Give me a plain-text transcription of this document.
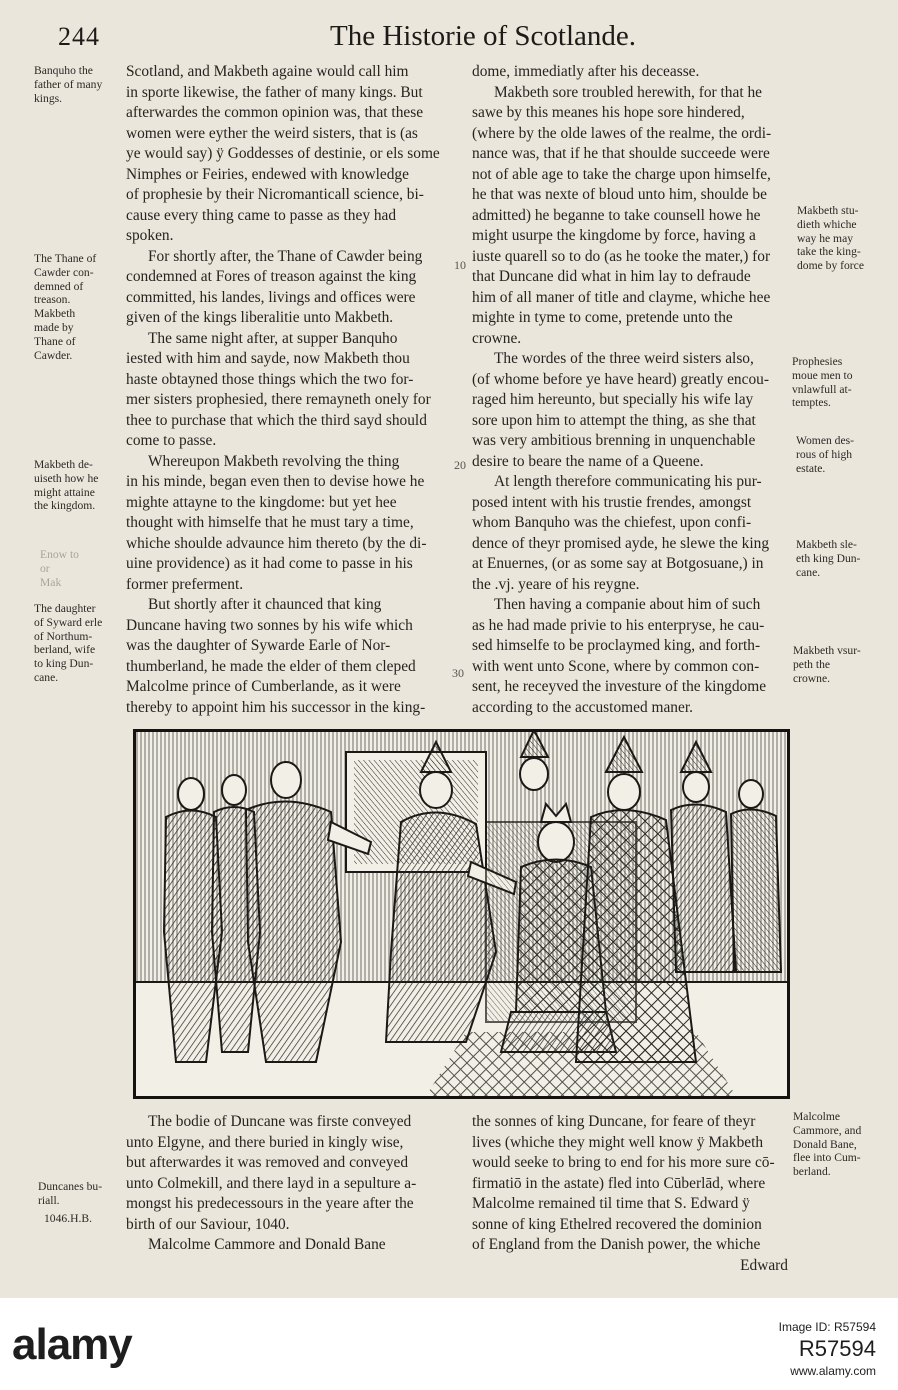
244	The Historie of Scotlande.
Banquho the
father of many
kings.
The Thane of
Cawder con-
demned of
treason.
Makbeth
made by
Thane of
Cawder.
Makbeth de-
uiseth how he
might attaine
the kingdom.
Enow to
or
Mak
The daughter
of Syward erle
of Northum-
berland, wife
to king Dun-
cane.
Duncanes bu-
riall.
1046.H.B.
Makbeth stu-
dieth whiche
way he may
take the king-
dome by force
Prophesies
moue men to
vnlawfull at-
temptes.
Women des-
rous of high
estate.
Makbeth sle-
eth king Dun-
cane.
Makbeth vsur-
peth the
crowne.
Malcolme
Cammore, and
Donald Bane,
flee into Cum-
berland.
10
20
30

Scotland, and Makbeth againe would call him

in sporte likewise, the father of many kings. But

afterwardes the common opinion was, that these

women were eyther the weird sisters, that is (as

ye would say) ÿ Goddesses of destinie, or els some

Nimphes or Feiries, endewed with knowledge

of prophesie by their Nicromanticall science, bi-

cause every thing came to passe as they had

spoken.

For shortly after, the Thane of Cawder being

condemned at Fores of treason against the king

committed, his landes, livings and offices were

given of the kings liberalitie unto Makbeth.

The same night after, at supper Banquho

iested with him and sayde, now Makbeth thou

haste obtayned those things which the two for-

mer sisters prophesied, there remayneth onely for

thee to purchase that which the third sayd should

come to passe.

Whereupon Makbeth revolving the thing

in his minde, began even then to devise howe he

mighte attayne to the kingdome: but yet hee

thought with himselfe that he must tary a time,

whiche shoulde advaunce him thereto (by the di-

uine providence) as it had come to passe in his

former preferment.

But shortly after it chaunced that king

Duncane having two sonnes by his wife which

was the daughter of Sywarde Earle of Nor-

thumberland, he made the elder of them cleped

Malcolme prince of Cumberlande, as it were

thereby to appoint him his successor in the king-

dome, immediatly after his deceasse.

Makbeth sore troubled herewith, for that he

sawe by this meanes his hope sore hindered,

(where by the olde lawes of the realme, the ordi-

nance was, that if he that shoulde succeede were

not of able age to take the charge upon himselfe,

he that was nexte of bloud unto him, shoulde be

admitted) he beganne to take counsell howe he

might usurpe the kingdome by force, having a

iuste quarell so to do (as he tooke the mater,) for

that Duncane did what in him lay to defraude

him of all maner of title and clayme, whiche hee

mighte in tyme to come, pretende unto the

crowne.

The wordes of the three weird sisters also,

(of whome before ye have heard) greatly encou-

raged him hereunto, but specially his wife lay

sore upon him to attempt the thing, as she that

was very ambitious brenning in unquenchable

desire to beare the name of a Queene.

At length therefore communicating his pur-

posed intent with his trustie frendes, amongst

whom Banquho was the chiefest, upon confi-

dence of theyr promised ayde, he slewe the king

at Enuernes, (or as some say at Botgosuane,) in

the .vj. yeare of his reygne.

Then having a companie about him of such

as he had made privie to his enterpryse, he cau-

sed himselfe to be proclaymed king, and forth-

with went unto Scone, where by common con-

sent, he receyved the investure of the kingdome

according to the accustomed maner.

The bodie of Duncane was firste conveyed

unto Elgyne, and there buried in kingly wise,

but afterwardes it was removed and conveyed

unto Colmekill, and there layd in a sepulture a-

mongst his predecessours in the yeare after the

birth of our Saviour, 1040.

Malcolme Cammore and Donald Bane

the sonnes of king Duncane, for feare of theyr

lives (whiche they might well know ÿ Makbeth

would seeke to bring to end for his more sure cō-

firmatiō in the astate) fled into Cūberlād, where

Malcolme remained til time that S. Edward ÿ

sonne of king Ethelred recovered the dominion

of England from the Danish power, the whiche

Edward

alamy	Image ID: R57594
R57594
www.alamy.com
